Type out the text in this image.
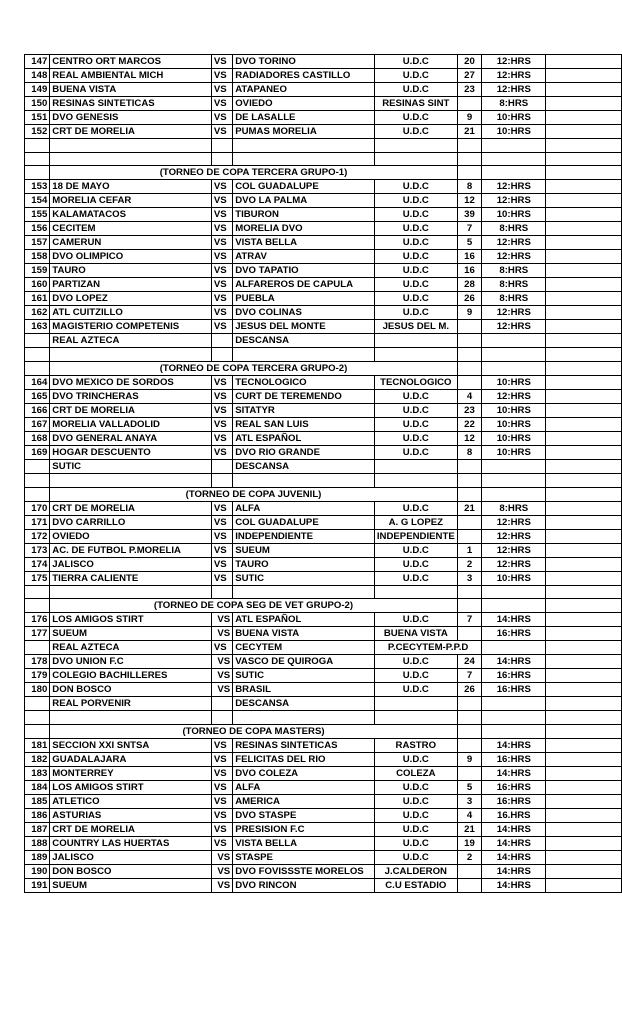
147	CENTRO ORT MARCOS	VS	DVO TORINO	U.D.C	20	12:HRS	
148	REAL AMBIENTAL MICH	VS	RADIADORES CASTILLO	U.D.C	27	12:HRS	
149	BUENA VISTA	VS	ATAPANEO	U.D.C	23	12:HRS	
150	RESINAS SINTETICAS	VS	OVIEDO	RESINAS SINT		8:HRS	
151	DVO GENESIS	VS	DE LASALLE	U.D.C	9	10:HRS	
152	CRT DE MORELIA	VS	PUMAS MORELIA	U.D.C	21	10:HRS	

	(TORNEO DE COPA TERCERA GRUPO-1)						
153	18 DE MAYO	VS	COL GUADALUPE	U.D.C	8	12:HRS	
154	MORELIA CEFAR	VS	DVO LA PALMA	U.D.C	12	12:HRS	
155	KALAMATACOS	VS	TIBURON	U.D.C	39	10:HRS	
156	CECITEM	VS	MORELIA DVO	U.D.C	7	8:HRS	
157	CAMERUN	VS	VISTA BELLA	U.D.C	5	12:HRS	
158	DVO OLIMPICO	VS	ATRAV	U.D.C	16	12:HRS	
159	TAURO	VS	DVO TAPATIO	U.D.C	16	8:HRS	
160	PARTIZAN	VS	ALFAREROS DE CAPULA	U.D.C	28	8:HRS	
161	DVO LOPEZ	VS	PUEBLA	U.D.C	26	8:HRS	
162	ATL CUITZILLO	VS	DVO COLINAS	U.D.C	9	12:HRS	
163	MAGISTERIO COMPETENIS	VS	JESUS DEL MONTE	JESUS DEL M.		12:HRS	
	REAL AZTECA		DESCANSA				

	(TORNEO DE COPA TERCERA GRUPO-2)						
164	DVO MEXICO DE SORDOS	VS	TECNOLOGICO	TECNOLOGICO		10:HRS	
165	DVO TRINCHERAS	VS	CURT DE TEREMENDO	U.D.C	4	12:HRS	
166	CRT DE MORELIA	VS	SITATYR	U.D.C	23	10:HRS	
167	MORELIA VALLADOLID	VS	REAL SAN LUIS	U.D.C	22	10:HRS	
168	DVO GENERAL ANAYA	VS	ATL ESPAÑOL	U.D.C	12	10:HRS	
169	HOGAR DESCUENTO	VS	DVO RIO GRANDE	U.D.C	8	10:HRS	
	SUTIC		DESCANSA				

	(TORNEO DE COPA JUVENIL)						
170	CRT DE MORELIA	VS	ALFA	U.D.C	21	8:HRS	
171	DVO CARRILLO	VS	COL GUADALUPE	A. G LOPEZ		12:HRS	
172	OVIEDO	VS	INDEPENDIENTE	INDEPENDIENTE		12:HRS	
173	AC. DE FUTBOL P.MORELIA	VS	SUEUM	U.D.C	1	12:HRS	
174	JALISCO	VS	TAURO	U.D.C	2	12:HRS	
175	TIERRA CALIENTE	VS	SUTIC	U.D.C	3	10:HRS	

	(TORNEO DE COPA SEG DE VET GRUPO-2)						
176	LOS AMIGOS STIRT	VS	ATL ESPAÑOL	U.D.C	7	14:HRS	
177	SUEUM	VS	BUENA VISTA	BUENA VISTA		16:HRS	
	REAL AZTECA	VS	CECYTEM	P.CECYTEM-P.P.D			
178	DVO UNION F.C	VS	VASCO DE QUIROGA	U.D.C	24	14:HRS	
179	COLEGIO BACHILLERES	VS	SUTIC	U.D.C	7	16:HRS	
180	DON BOSCO	VS	BRASIL	U.D.C	26	16:HRS	
	REAL PORVENIR		DESCANSA				

	(TORNEO DE COPA MASTERS)						
181	SECCION XXI SNTSA	VS	RESINAS SINTETICAS	RASTRO		14:HRS	
182	GUADALAJARA	VS	FELICITAS DEL RIO	U.D.C	9	16:HRS	
183	MONTERREY	VS	DVO COLEZA	COLEZA		14:HRS	
184	LOS AMIGOS STIRT	VS	ALFA	U.D.C	5	16:HRS	
185	ATLETICO	VS	AMERICA	U.D.C	3	16:HRS	
186	ASTURIAS	VS	DVO STASPE	U.D.C	4	16.HRS	
187	CRT DE MORELIA	VS	PRESISION F.C	U.D.C	21	14:HRS	
188	COUNTRY LAS HUERTAS	VS	VISTA BELLA	U.D.C	19	14:HRS	
189	JALISCO	VS	STASPE	U.D.C	2	14:HRS	
190	DON BOSCO	VS	DVO FOVISSSTE MORELOS	J.CALDERON		14:HRS	
191	SUEUM	VS	DVO RINCON	C.U ESTADIO		14:HRS	
